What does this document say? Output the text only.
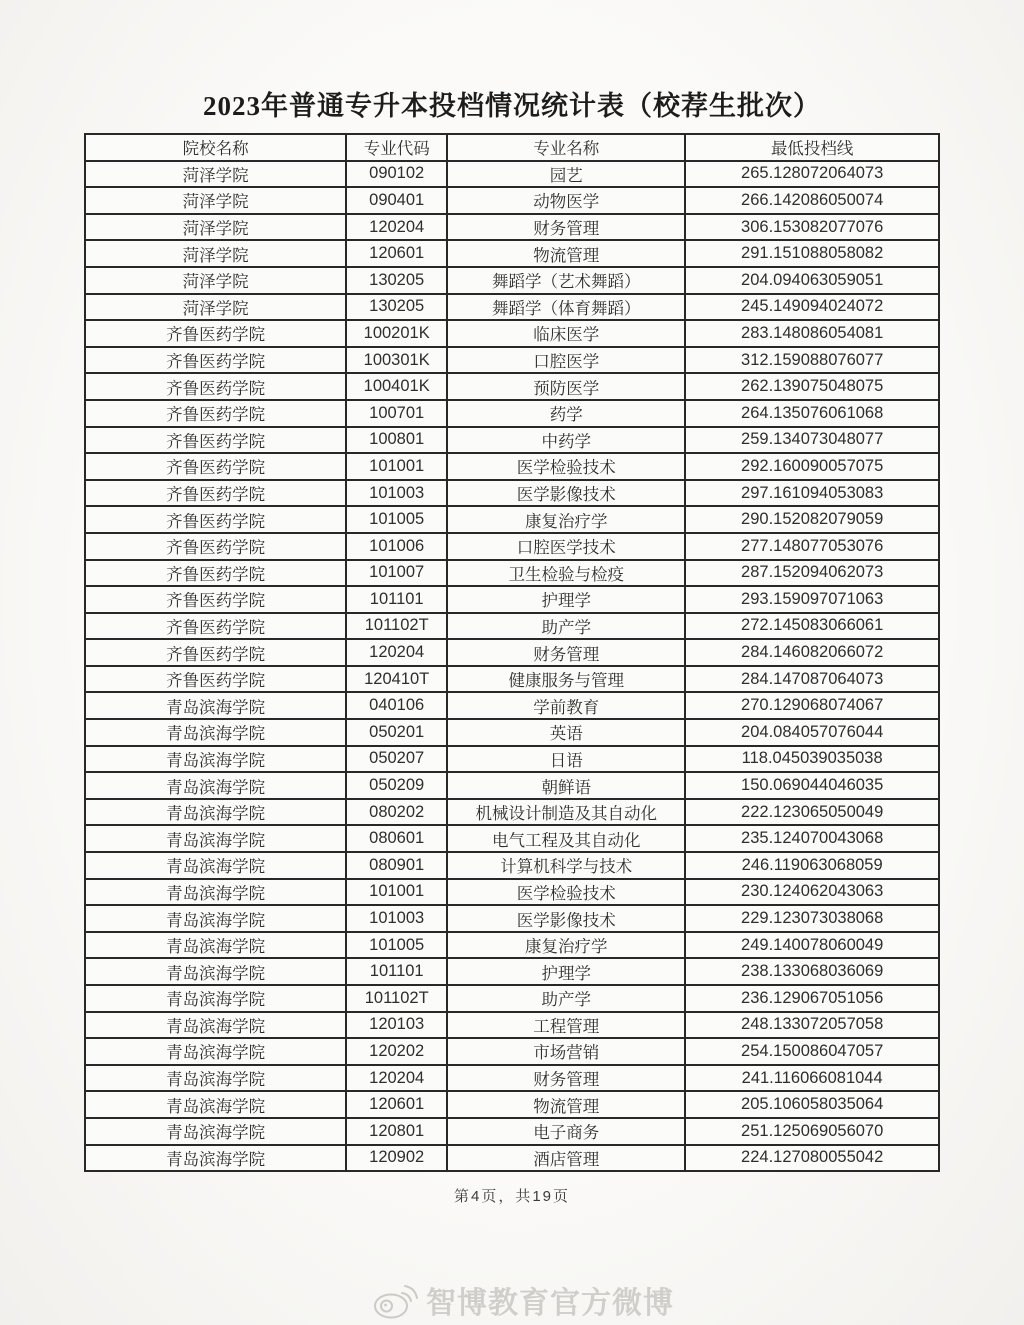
2023年普通专升本投档情况统计表（校荐生批次）
院校名称	专业代码	专业名称	最低投档线
菏泽学院	090102	园艺	265.128072064073
菏泽学院	090401	动物医学	266.142086050074
菏泽学院	120204	财务管理	306.153082077076
菏泽学院	120601	物流管理	291.151088058082
菏泽学院	130205	舞蹈学（艺术舞蹈）	204.094063059051
菏泽学院	130205	舞蹈学（体育舞蹈）	245.149094024072
齐鲁医药学院	100201K	临床医学	283.148086054081
齐鲁医药学院	100301K	口腔医学	312.159088076077
齐鲁医药学院	100401K	预防医学	262.139075048075
齐鲁医药学院	100701	药学	264.135076061068
齐鲁医药学院	100801	中药学	259.134073048077
齐鲁医药学院	101001	医学检验技术	292.160090057075
齐鲁医药学院	101003	医学影像技术	297.161094053083
齐鲁医药学院	101005	康复治疗学	290.152082079059
齐鲁医药学院	101006	口腔医学技术	277.148077053076
齐鲁医药学院	101007	卫生检验与检疫	287.152094062073
齐鲁医药学院	101101	护理学	293.159097071063
齐鲁医药学院	101102T	助产学	272.145083066061
齐鲁医药学院	120204	财务管理	284.146082066072
齐鲁医药学院	120410T	健康服务与管理	284.147087064073
青岛滨海学院	040106	学前教育	270.129068074067
青岛滨海学院	050201	英语	204.084057076044
青岛滨海学院	050207	日语	118.045039035038
青岛滨海学院	050209	朝鲜语	150.069044046035
青岛滨海学院	080202	机械设计制造及其自动化	222.123065050049
青岛滨海学院	080601	电气工程及其自动化	235.124070043068
青岛滨海学院	080901	计算机科学与技术	246.119063068059
青岛滨海学院	101001	医学检验技术	230.124062043063
青岛滨海学院	101003	医学影像技术	229.123073038068
青岛滨海学院	101005	康复治疗学	249.140078060049
青岛滨海学院	101101	护理学	238.133068036069
青岛滨海学院	101102T	助产学	236.129067051056
青岛滨海学院	120103	工程管理	248.133072057058
青岛滨海学院	120202	市场营销	254.150086047057
青岛滨海学院	120204	财务管理	241.116066081044
青岛滨海学院	120601	物流管理	205.106058035064
青岛滨海学院	120801	电子商务	251.125069056070
青岛滨海学院	120902	酒店管理	224.127080055042
第4页，共19页
智博教育官方微博
